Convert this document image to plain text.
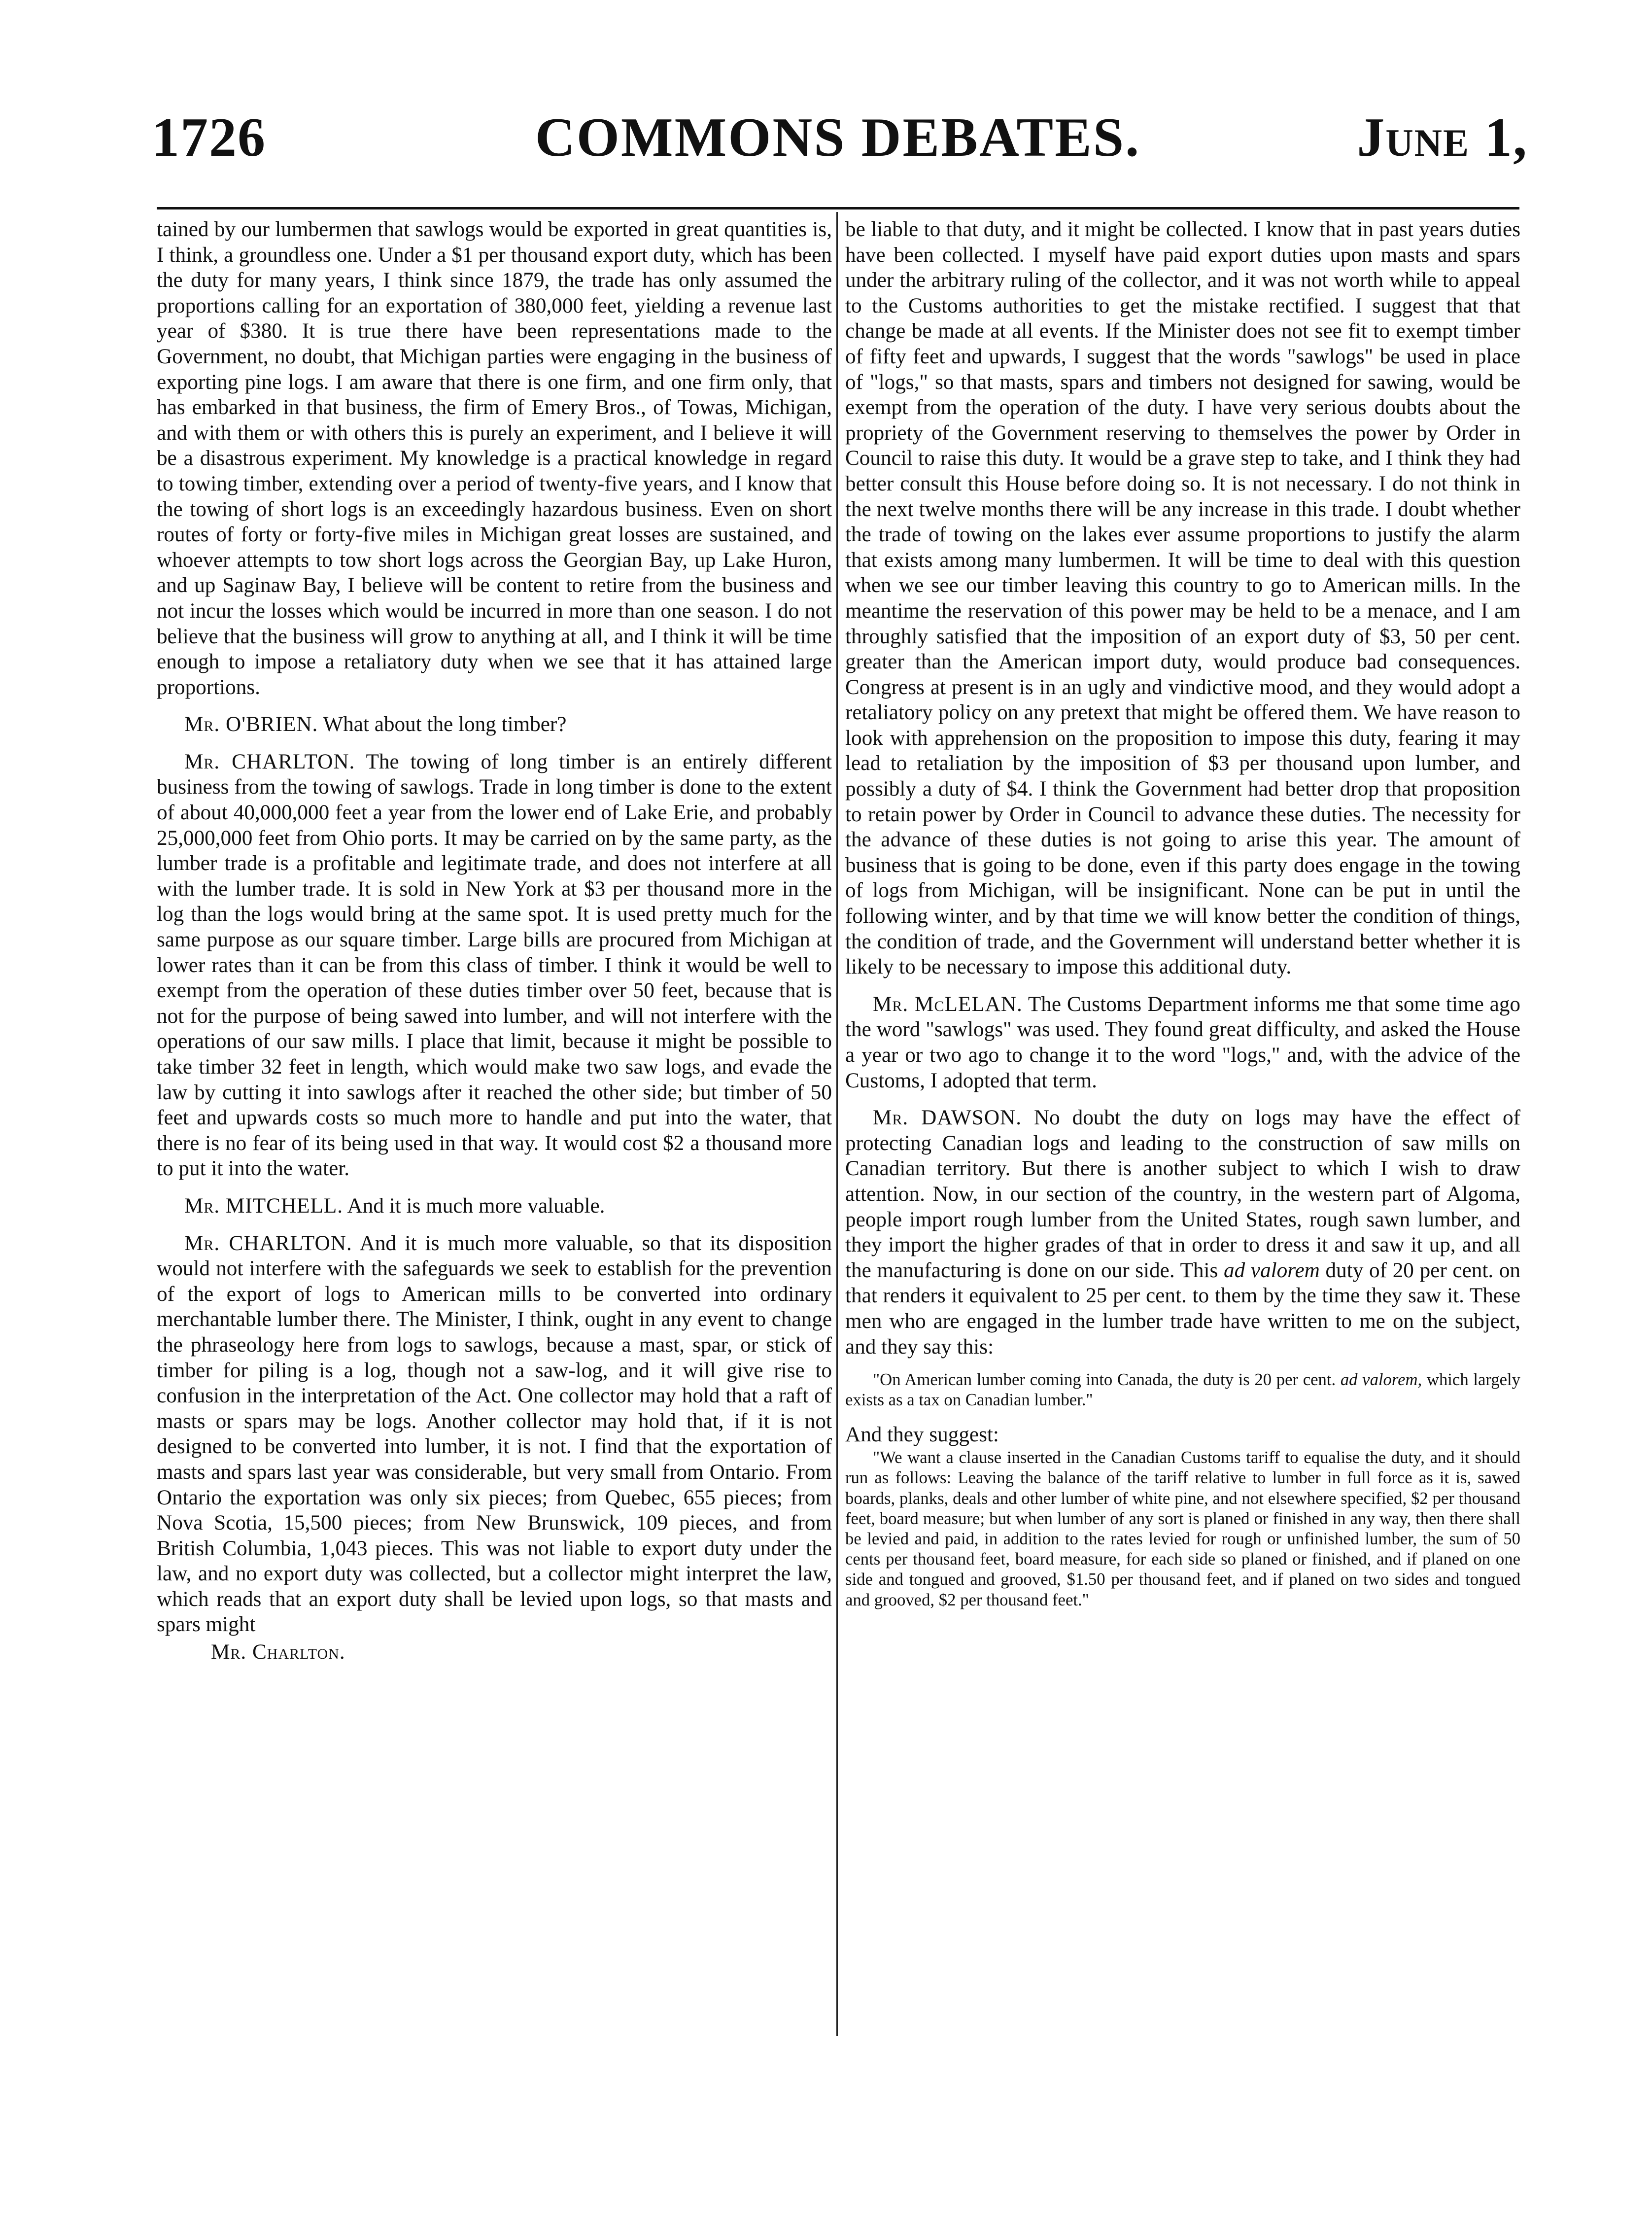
1726	COMMONS DEBATES.	June 1,

tained by our lumbermen that sawlogs would be exported in great quantities is, I think, a groundless one. Under a $1 per thousand export duty, which has been the duty for many years, I think since 1879, the trade has only assumed the proportions calling for an exportation of 380,000 feet, yielding a revenue last year of $380. It is true there have been representations made to the Government, no doubt, that Michigan parties were engaging in the business of exporting pine logs. I am aware that there is one firm, and one firm only, that has embarked in that business, the firm of Emery Bros., of Towas, Michigan, and with them or with others this is purely an experiment, and I believe it will be a disastrous experiment. My knowledge is a practical knowledge in regard to towing timber, extending over a period of twenty-five years, and I know that the towing of short logs is an exceedingly hazardous business. Even on short routes of forty or forty-five miles in Michigan great losses are sustained, and whoever attempts to tow short logs across the Georgian Bay, up Lake Huron, and up Saginaw Bay, I believe will be content to retire from the business and not incur the losses which would be incurred in more than one season. I do not believe that the business will grow to anything at all, and I think it will be time enough to impose a retaliatory duty when we see that it has attained large proportions.

Mr. O'BRIEN. What about the long timber?

Mr. CHARLTON. The towing of long timber is an entirely different business from the towing of sawlogs. Trade in long timber is done to the extent of about 40,000,000 feet a year from the lower end of Lake Erie, and probably 25,000,000 feet from Ohio ports. It may be carried on by the same party, as the lumber trade is a profitable and legitimate trade, and does not interfere at all with the lumber trade. It is sold in New York at $3 per thousand more in the log than the logs would bring at the same spot. It is used pretty much for the same purpose as our square timber. Large bills are procured from Michigan at lower rates than it can be from this class of timber. I think it would be well to exempt from the operation of these duties timber over 50 feet, because that is not for the purpose of being sawed into lumber, and will not interfere with the operations of our saw mills. I place that limit, because it might be possible to take timber 32 feet in length, which would make two saw logs, and evade the law by cutting it into sawlogs after it reached the other side; but timber of 50 feet and upwards costs so much more to handle and put into the water, that there is no fear of its being used in that way. It would cost $2 a thousand more to put it into the water.

Mr. MITCHELL. And it is much more valuable.

Mr. CHARLTON. And it is much more valuable, so that its disposition would not interfere with the safeguards we seek to establish for the prevention of the export of logs to American mills to be converted into ordinary merchantable lumber there. The Minister, I think, ought in any event to change the phraseology here from logs to sawlogs, because a mast, spar, or stick of timber for piling is a log, though not a saw-log, and it will give rise to confusion in the interpretation of the Act. One collector may hold that a raft of masts or spars may be logs. Another collector may hold that, if it is not designed to be converted into lumber, it is not. I find that the exportation of masts and spars last year was considerable, but very small from Ontario. From Ontario the exportation was only six pieces; from Quebec, 655 pieces; from Nova Scotia, 15,500 pieces; from New Brunswick, 109 pieces, and from British Columbia, 1,043 pieces. This was not liable to export duty under the law, and no export duty was collected, but a collector might interpret the law, which reads that an export duty shall be levied upon logs, so that masts and spars might

Mr. Charlton.

be liable to that duty, and it might be collected. I know that in past years duties have been collected. I myself have paid export duties upon masts and spars under the arbitrary ruling of the collector, and it was not worth while to appeal to the Customs authorities to get the mistake rectified. I suggest that that change be made at all events. If the Minister does not see fit to exempt timber of fifty feet and upwards, I suggest that the words "sawlogs" be used in place of "logs," so that masts, spars and timbers not designed for sawing, would be exempt from the operation of the duty. I have very serious doubts about the propriety of the Government reserving to themselves the power by Order in Council to raise this duty. It would be a grave step to take, and I think they had better consult this House before doing so. It is not necessary. I do not think in the next twelve months there will be any increase in this trade. I doubt whether the trade of towing on the lakes ever assume proportions to justify the alarm that exists among many lumbermen. It will be time to deal with this question when we see our timber leaving this country to go to American mills. In the meantime the reservation of this power may be held to be a menace, and I am throughly satisfied that the imposition of an export duty of $3, 50 per cent. greater than the American import duty, would produce bad consequences. Congress at present is in an ugly and vindictive mood, and they would adopt a retaliatory policy on any pretext that might be offered them. We have reason to look with apprehension on the proposition to impose this duty, fearing it may lead to retaliation by the imposition of $3 per thousand upon lumber, and possibly a duty of $4. I think the Government had better drop that proposition to retain power by Order in Council to advance these duties. The necessity for the advance of these duties is not going to arise this year. The amount of business that is going to be done, even if this party does engage in the towing of logs from Michigan, will be insignificant. None can be put in until the following winter, and by that time we will know better the condition of things, the condition of trade, and the Government will understand better whether it is likely to be necessary to impose this additional duty.

Mr. McLELAN. The Customs Department informs me that some time ago the word "sawlogs" was used. They found great difficulty, and asked the House a year or two ago to change it to the word "logs," and, with the advice of the Customs, I adopted that term.

Mr. DAWSON. No doubt the duty on logs may have the effect of protecting Canadian logs and leading to the construction of saw mills on Canadian territory. But there is another subject to which I wish to draw attention. Now, in our section of the country, in the western part of Algoma, people import rough lumber from the United States, rough sawn lumber, and they import the higher grades of that in order to dress it and saw it up, and all the manufacturing is done on our side. This ad valorem duty of 20 per cent. on that renders it equivalent to 25 per cent. to them by the time they saw it. These men who are engaged in the lumber trade have written to me on the subject, and they say this:

"On American lumber coming into Canada, the duty is 20 per cent. ad valorem, which largely exists as a tax on Canadian lumber."

And they suggest:

"We want a clause inserted in the Canadian Customs tariff to equalise the duty, and it should run as follows: Leaving the balance of the tariff relative to lumber in full force as it is, sawed boards, planks, deals and other lumber of white pine, and not elsewhere specified, $2 per thousand feet, board measure; but when lumber of any sort is planed or finished in any way, then there shall be levied and paid, in addition to the rates levied for rough or unfinished lumber, the sum of 50 cents per thousand feet, board measure, for each side so planed or finished, and if planed on one side and tongued and grooved, $1.50 per thousand feet, and if planed on two sides and tongued and grooved, $2 per thousand feet."
